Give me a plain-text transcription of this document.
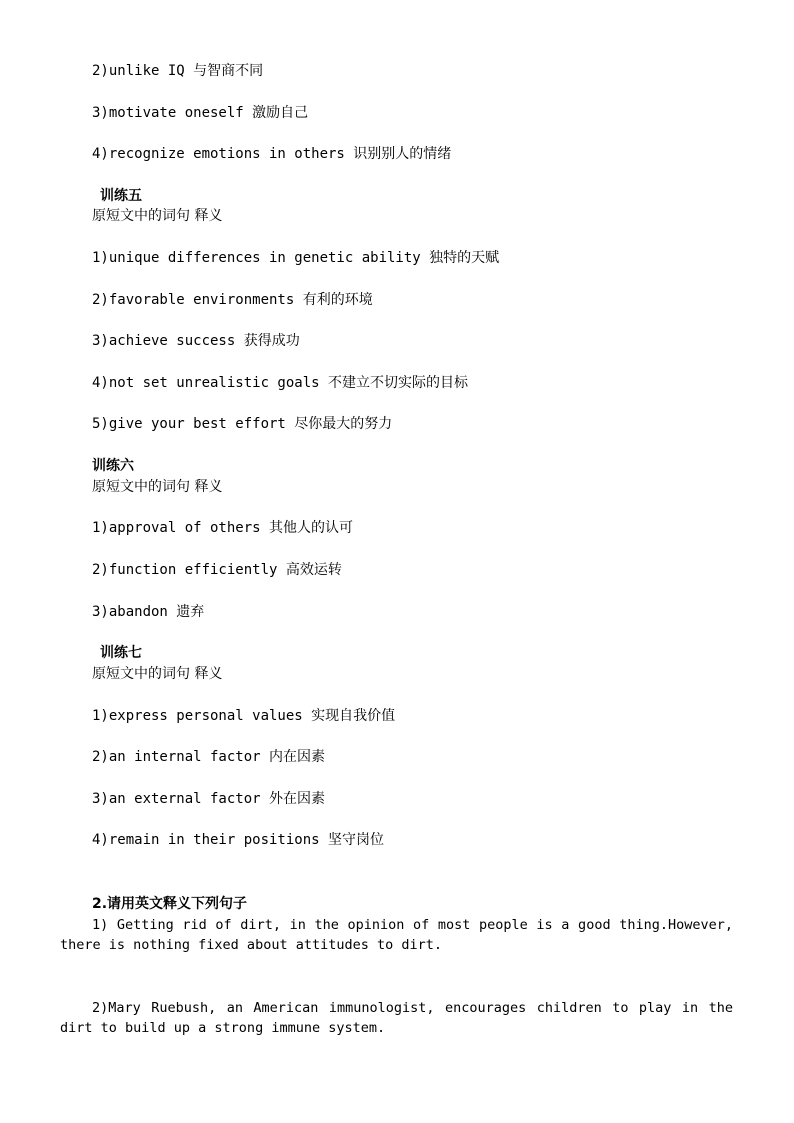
2)unlike IQ 与智商不同
3)motivate oneself 激励自己
4)recognize emotions in others 识别别人的情绪
训练五
原短文中的词句 释义
1)unique differences in genetic ability 独特的天赋
2)favorable environments 有利的环境
3)achieve success 获得成功
4)not set unrealistic goals 不建立不切实际的目标
5)give your best effort 尽你最大的努力
训练六
原短文中的词句 释义
1)approval of others 其他人的认可
2)function efficiently 高效运转
3)abandon 遗弃
训练七
原短文中的词句 释义
1)express personal values 实现自我价值
2)an internal factor 内在因素
3)an external factor 外在因素
4)remain in their positions 坚守岗位
2.请用英文释义下列句子
1) Getting rid of dirt, in the opinion of most people is a good thing.However, there is nothing fixed about attitudes to dirt.
2)Mary Ruebush, an American immunologist, encourages children to play in the dirt to build up a strong immune system.
